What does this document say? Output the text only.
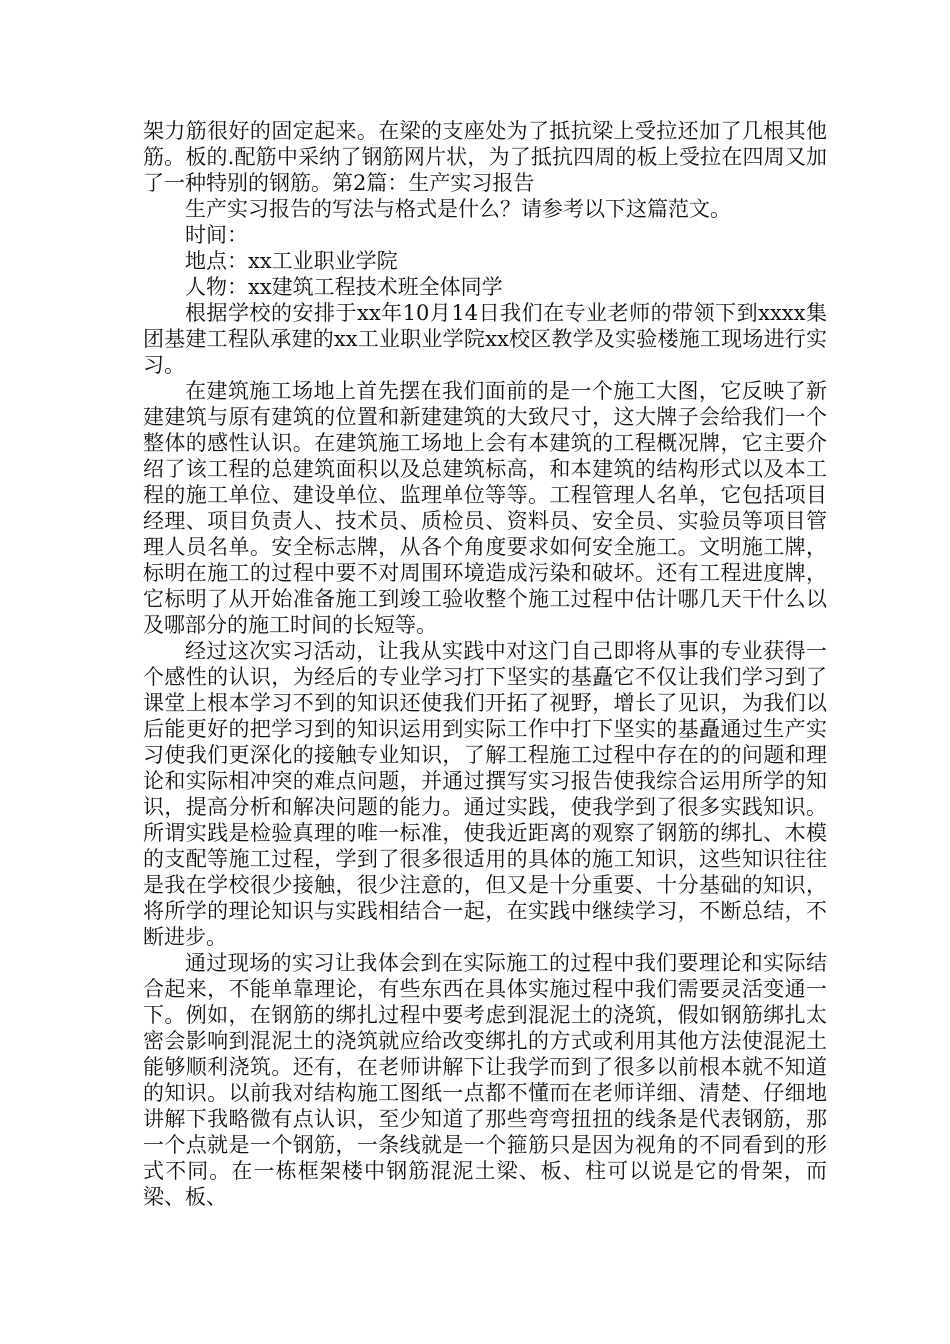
架力筋很好的固定起来。在梁的支座处为了抵抗梁上受拉还加了几根其他筋。板的.配筋中采纳了钢筋网片状，为了抵抗四周的板上受拉在四周又加了一种特别的钢筋。第2篇：生产实习报告

生产实习报告的写法与格式是什么？请参考以下这篇范文。

时间：

地点：xx工业职业学院

人物：xx建筑工程技术班全体同学

根据学校的安排于xx年10月14日我们在专业老师的带领下到xxxx集团基建工程队承建的xx工业职业学院xx校区教学及实验楼施工现场进行实习。

在建筑施工场地上首先摆在我们面前的是一个施工大图，它反映了新建建筑与原有建筑的位置和新建建筑的大致尺寸，这大牌子会给我们一个整体的感性认识。在建筑施工场地上会有本建筑的工程概况牌，它主要介绍了该工程的总建筑面积以及总建筑标高，和本建筑的结构形式以及本工程的施工单位、建设单位、监理单位等等。工程管理人名单，它包括项目经理、项目负责人、技术员、质检员、资料员、安全员、实验员等项目管理人员名单。安全标志牌，从各个角度要求如何安全施工。文明施工牌，标明在施工的过程中要不对周围环境造成污染和破坏。还有工程进度牌，它标明了从开始准备施工到竣工验收整个施工过程中估计哪几天干什么以及哪部分的施工时间的长短等。

经过这次实习活动，让我从实践中对这门自己即将从事的专业获得一个感性的认识，为经后的专业学习打下坚实的基矗它不仅让我们学习到了课堂上根本学习不到的知识还使我们开拓了视野，增长了见识，为我们以后能更好的把学习到的知识运用到实际工作中打下坚实的基矗通过生产实习使我们更深化的接触专业知识，了解工程施工过程中存在的的问题和理论和实际相冲突的难点问题，并通过撰写实习报告使我综合运用所学的知识，提高分析和解决问题的能力。通过实践，使我学到了很多实践知识。所谓实践是检验真理的唯一标准，使我近距离的观察了钢筋的绑扎、木模的支配等施工过程，学到了很多很适用的具体的施工知识，这些知识往往是我在学校很少接触，很少注意的，但又是十分重要、十分基础的知识，将所学的理论知识与实践相结合一起，在实践中继续学习，不断总结，不断进步。

通过现场的实习让我体会到在实际施工的过程中我们要理论和实际结合起来，不能单靠理论，有些东西在具体实施过程中我们需要灵活变通一下。例如，在钢筋的绑扎过程中要考虑到混泥土的浇筑，假如钢筋绑扎太密会影响到混泥土的浇筑就应给改变绑扎的方式或利用其他方法使混泥土能够顺利浇筑。还有，在老师讲解下让我学而到了很多以前根本就不知道的知识。以前我对结构施工图纸一点都不懂而在老师详细、清楚、仔细地讲解下我略微有点认识，至少知道了那些弯弯扭扭的线条是代表钢筋，那一个点就是一个钢筋，一条线就是一个箍筋只是因为视角的不同看到的形式不同。在一栋框架楼中钢筋混泥土梁、板、柱可以说是它的骨架，而梁、板、
